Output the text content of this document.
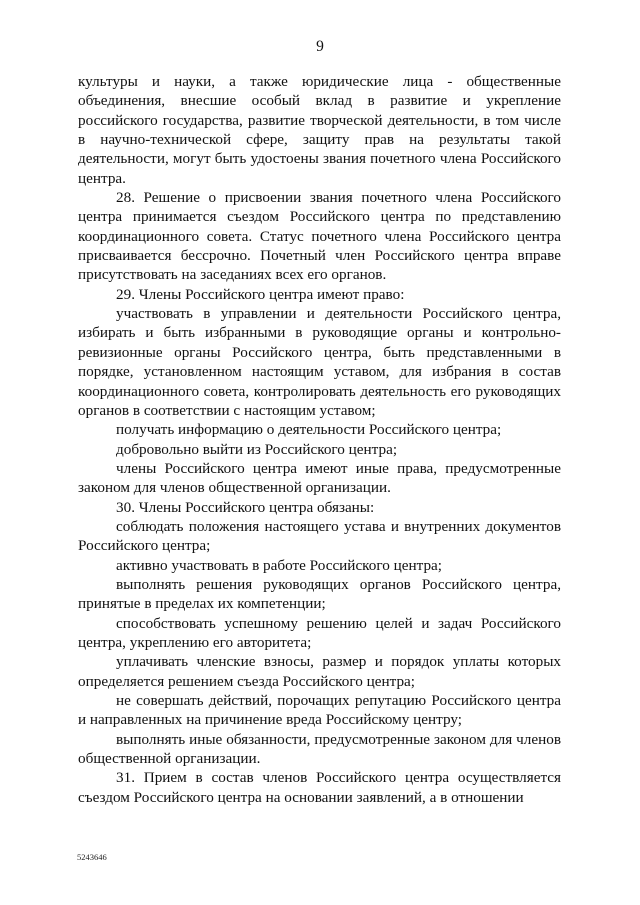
9

культуры и науки, а также юридические лица - общественные объединения, внесшие особый вклад в развитие и укрепление российского государства, развитие творческой деятельности, в том числе в научно-технической сфере, защиту прав на результаты такой деятельности, могут быть удостоены звания почетного члена Российского центра.

28. Решение о присвоении звания почетного члена Российского центра принимается съездом Российского центра по представлению координационного совета. Статус почетного члена Российского центра присваивается бессрочно. Почетный член Российского центра вправе присутствовать на заседаниях всех его органов.

29. Члены Российского центра имеют право:

участвовать в управлении и деятельности Российского центра, избирать и быть избранными в руководящие органы и контрольно-ревизионные органы Российского центра, быть представленными в порядке, установленном настоящим уставом, для избрания в состав координационного совета, контролировать деятельность его руководящих органов в соответствии с настоящим уставом;

получать информацию о деятельности Российского центра;

добровольно выйти из Российского центра;

члены Российского центра имеют иные права, предусмотренные законом для членов общественной организации.

30. Члены Российского центра обязаны:

соблюдать положения настоящего устава и внутренних документов Российского центра;

активно участвовать в работе Российского центра;

выполнять решения руководящих органов Российского центра, принятые в пределах их компетенции;

способствовать успешному решению целей и задач Российского центра, укреплению его авторитета;

уплачивать членские взносы, размер и порядок уплаты которых определяется решением съезда Российского центра;

не совершать действий, порочащих репутацию Российского центра и направленных на причинение вреда Российскому центру;

выполнять иные обязанности, предусмотренные законом для членов общественной организации.

31. Прием в состав членов Российского центра осуществляется съездом Российского центра на основании заявлений, а в отношении

5243646
